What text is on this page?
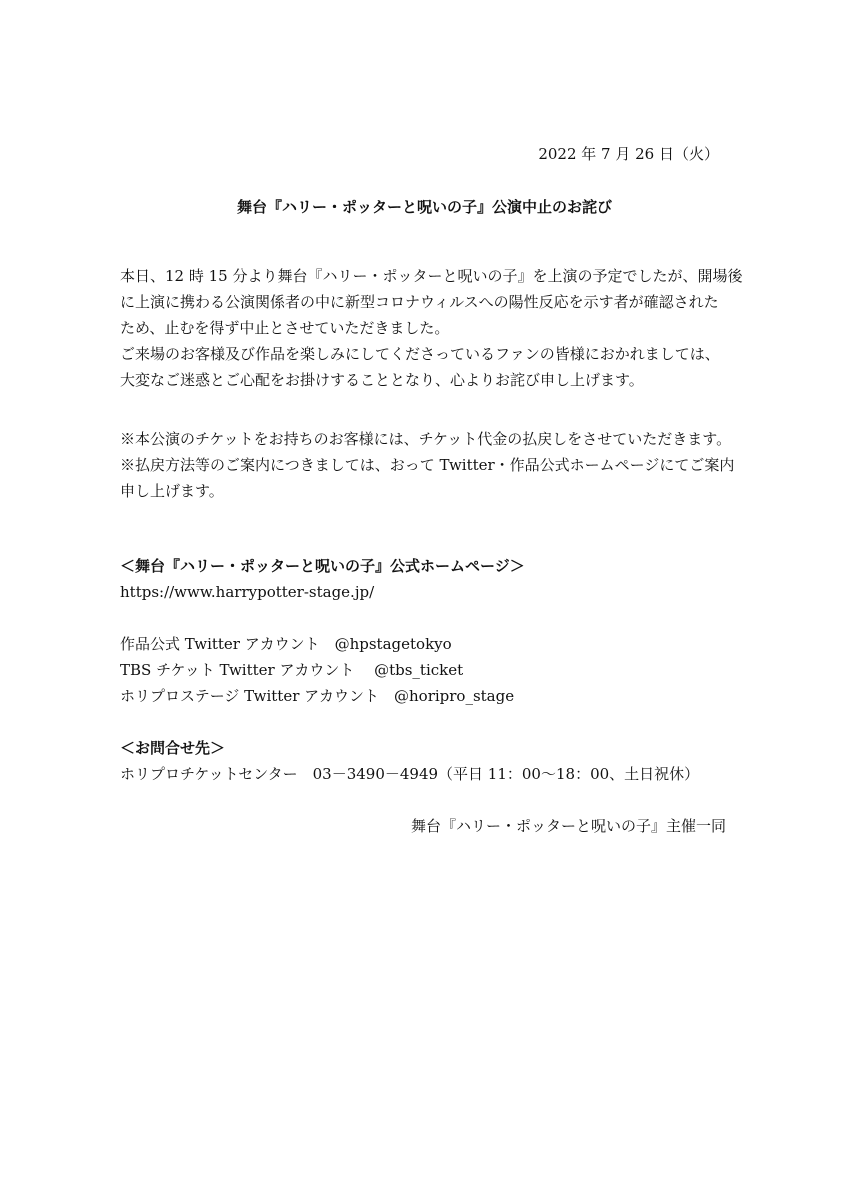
2022 年 7 月 26 日（火）
舞台『ハリー・ポッターと呪いの子』公演中止のお詫び
本日、12 時 15 分より舞台『ハリー・ポッターと呪いの子』を上演の予定でしたが、開場後
に上演に携わる公演関係者の中に新型コロナウィルスへの陽性反応を示す者が確認された
ため、止むを得ず中止とさせていただきました。
ご来場のお客様及び作品を楽しみにしてくださっているファンの皆様におかれましては、
大変なご迷惑とご心配をお掛けすることとなり、心よりお詫び申し上げます。
※本公演のチケットをお持ちのお客様には、チケット代金の払戻しをさせていただきます。
※払戻方法等のご案内につきましては、おって Twitter・作品公式ホームページにてご案内
申し上げます。
＜舞台『ハリー・ポッターと呪いの子』公式ホームページ＞
https://www.harrypotter-stage.jp/
作品公式 Twitter アカウント　@hpstagetokyo
TBS チケット Twitter アカウント　 @tbs_ticket
ホリプロステージ Twitter アカウント　@horipro_stage
＜お問合せ先＞
ホリプロチケットセンター　03－3490－4949（平日 11：00～18：00、土日祝休）
舞台『ハリー・ポッターと呪いの子』主催一同
